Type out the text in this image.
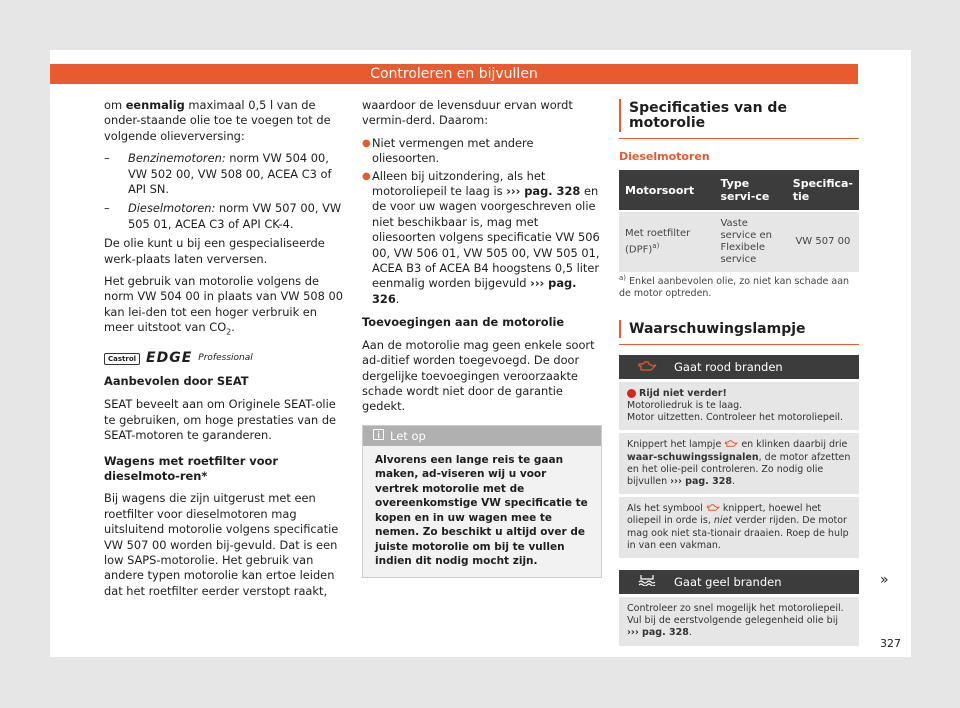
Controleren en bijvullen

om eenmalig maximaal 0,5 l van de onder-staande olie toe te voegen tot de volgende olieverversing:

–	Benzinemotoren: norm VW 504 00, VW 502 00, VW 508 00, ACEA C3 of API SN.
–	Dieselmotoren: norm VW 507 00, VW 505 01, ACEA C3 of API CK-4.

De olie kunt u bij een gespecialiseerde werk-plaats laten verversen.

Het gebruik van motorolie volgens de norm VW 504 00 in plaats van VW 508 00 kan lei-den tot een hoger verbruik en meer uitstoot van $CO_2$.

Castrol EDGE Professional

Aanbevolen door SEAT

SEAT beveelt aan om Originele SEAT-olie te gebruiken, om hoge prestaties van de SEAT-motoren te garanderen.

Wagens met roetfilter voor dieselmoto-ren*

Bij wagens die zijn uitgerust met een roetfilter voor dieselmotoren mag uitsluitend motorolie volgens specificatie VW 507 00 worden bij-gevuld. Dat is een low SAPS-motorolie. Het gebruik van andere typen motorolie kan ertoe leiden dat het roetfilter eerder verstopt raakt,

waardoor de levensduur ervan wordt vermin-derd. Daarom:

● Niet vermengen met andere oliesoorten.
● Alleen bij uitzondering, als het motoroliepeil te laag is ››› pag. 328 en de voor uw wagen voorgeschreven olie niet beschikbaar is, mag met oliesoorten volgens specificatie VW 506 00, VW 506 01, VW 505 00, VW 505 01, ACEA B3 of ACEA B4 hoogstens 0,5 liter eenmalig worden bijgevuld ››› pag. 326.

Toevoegingen aan de motorolie

Aan de motorolie mag geen enkele soort ad-ditief worden toegevoegd. De door dergelijke toevoegingen veroorzaakte schade wordt niet door de garantie gedekt.

Let op
Alvorens een lange reis te gaan maken, ad-viseren wij u voor vertrek motorolie met de overeenkomstige VW specificatie te kopen en in uw wagen mee te nemen. Zo beschikt u altijd over de juiste motorolie om bij te vullen indien dit nodig mocht zijn.
Specificaties van de motorolie
Dieselmotoren
Motorsoort	Type servi-ce	Specifica-tie
Met roetfilter (DPF)$^{a)}$	Vaste service en Flexibele service	VW 507 00

$^{a)}$ Enkel aanbevolen olie, zo niet kan schade aan de motor optreden.

Waarschuwingslampje
Gaat rood branden
Rijd niet verder!
Motoroliedruk is te laag.
Motor uitzetten. Controleer het motoroliepeil.
Knippert het lampje  en klinken daarbij drie waar-schuwingssignalen, de motor afzetten en het olie-peil controleren. Zo nodig olie bijvullen ››› pag. 328.
Als het symbool  knippert, hoewel het oliepeil in orde is, niet verder rijden. De motor mag ook niet sta-tionair draaien. Roep de hulp in van een vakman.
Gaat geel branden
Controleer zo snel mogelijk het motoroliepeil.
Vul bij de eerstvolgende gelegenheid olie bij ››› pag. 328.
»
327
